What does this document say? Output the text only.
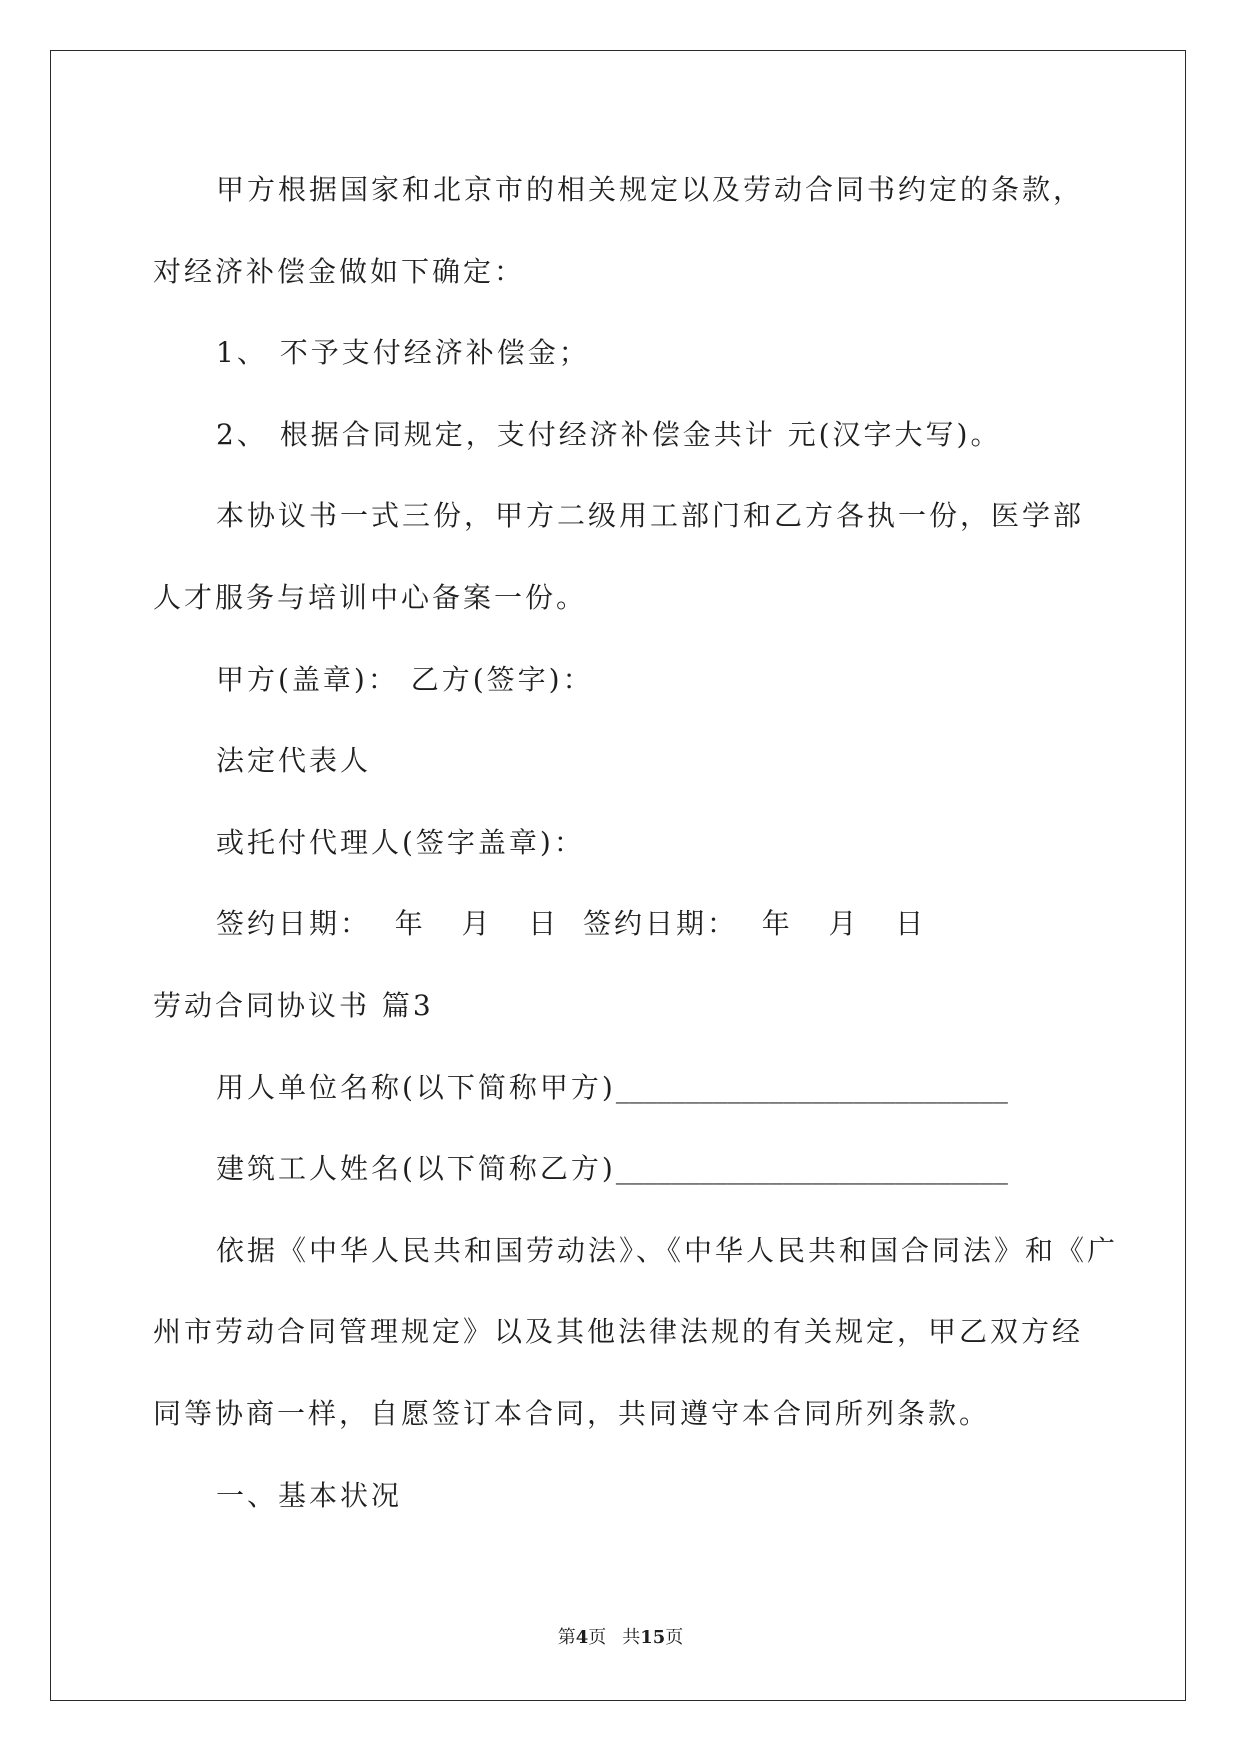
甲方根据国家和北京市的相关规定以及劳动合同书约定的条款，
对经济补偿金做如下确定：
1、 不予支付经济补偿金；
2、 根据合同规定，支付经济补偿金共计 元(汉字大写)。
本协议书一式三份，甲方二级用工部门和乙方各执一份，医学部
人才服务与培训中心备案一份。
甲方(盖章)： 乙方(签字)：
法定代表人
或托付代理人(签字盖章)：
签约日期：  年   月   日  签约日期：  年   月   日
劳动合同协议书 篇3
用人单位名称(以下简称甲方)____________________________
建筑工人姓名(以下简称乙方)____________________________
依据《中华人民共和国劳动法》、《中华人民共和国合同法》和《广
州市劳动合同管理规定》以及其他法律法规的有关规定，甲乙双方经
同等协商一样，自愿签订本合同，共同遵守本合同所列条款。
一、基本状况
第4页 共15页
